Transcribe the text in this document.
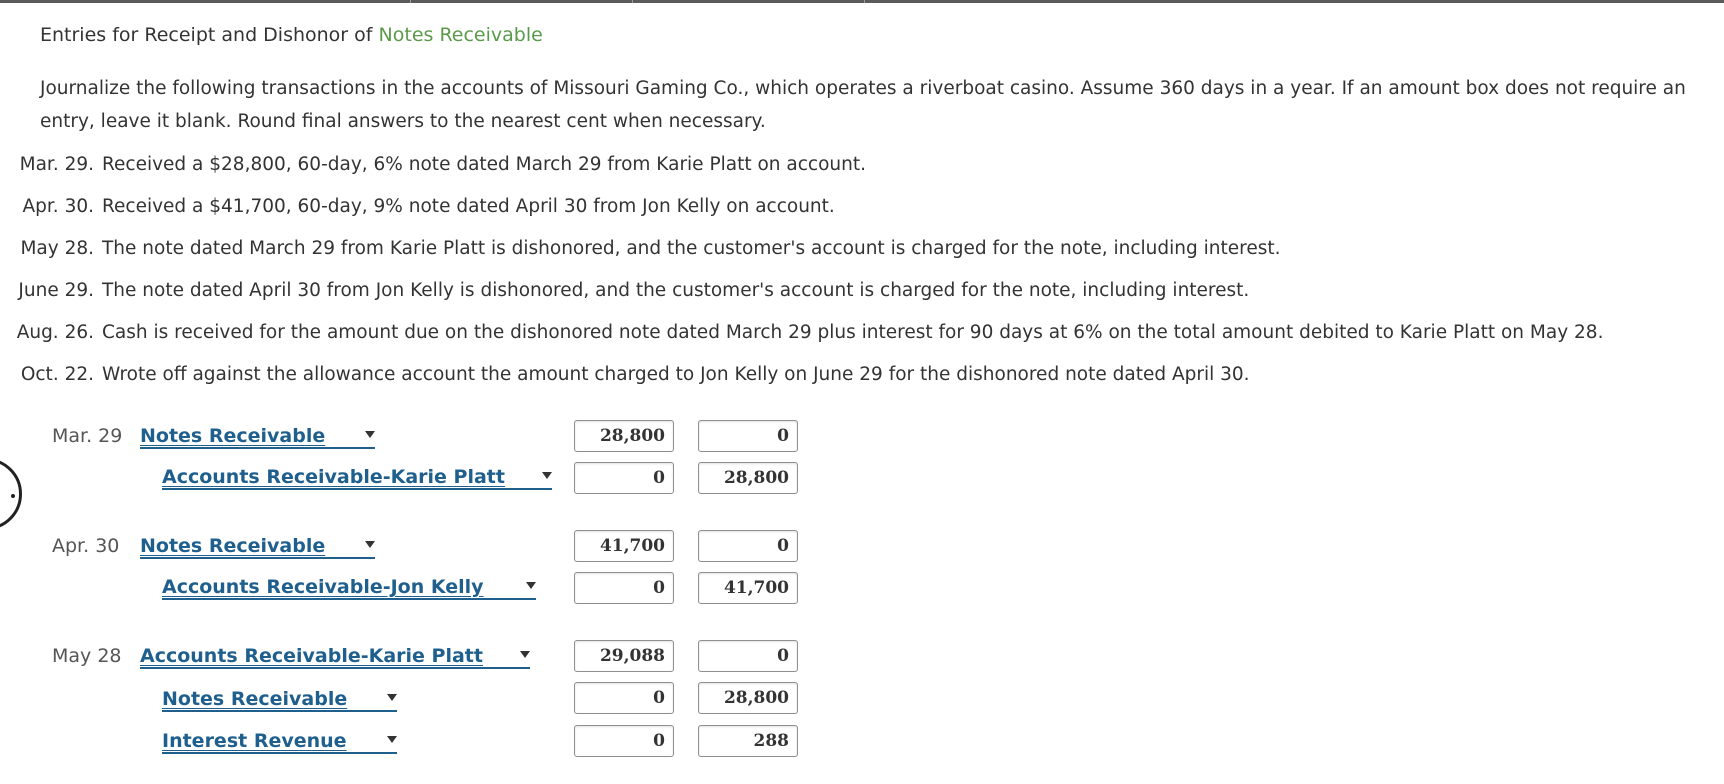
Entries for Receipt and Dishonor of Notes Receivable
Journalize the following transactions in the accounts of Missouri Gaming Co., which operates a riverboat casino. Assume 360 days in a year. If an amount box does not require an entry, leave it blank. Round final answers to the nearest cent when necessary.
Mar. 29. Received a $28,800, 60-day, 6% note dated March 29 from Karie Platt on account.
Apr. 30. Received a $41,700, 60-day, 9% note dated April 30 from Jon Kelly on account.
May 28. The note dated March 29 from Karie Platt is dishonored, and the customer's account is charged for the note, including interest.
June 29. The note dated April 30 from Jon Kelly is dishonored, and the customer's account is charged for the note, including interest.
Aug. 26. Cash is received for the amount due on the dishonored note dated March 29 plus interest for 90 days at 6% on the total amount debited to Karie Platt on May 28.
Oct. 22. Wrote off against the allowance account the amount charged to Jon Kelly on June 29 for the dishonored note dated April 30.
Mar. 29 Notes Receivable	28,800	0
Accounts Receivable-Karie Platt	0	28,800
Apr. 30 Notes Receivable	41,700	0
Accounts Receivable-Jon Kelly	0	41,700
May 28 Accounts Receivable-Karie Platt	29,088	0
Notes Receivable	0	28,800
Interest Revenue	0	288
